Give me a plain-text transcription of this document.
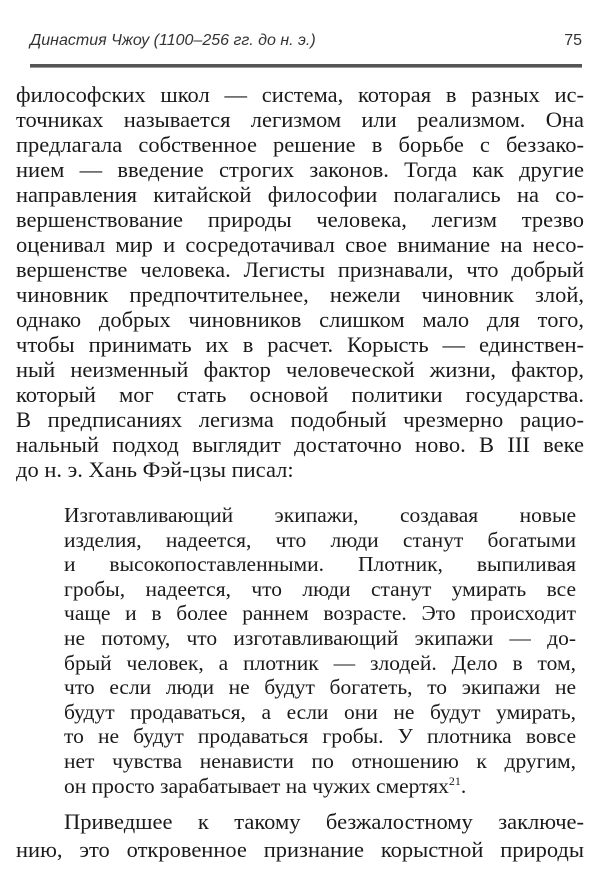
Династия Чжоу (1100–256 гг. до н. э.)	75
философских школ — система, которая в разных ис-
точниках называется легизмом или реализмом. Она
предлагала собственное решение в борьбе с беззако-
нием — введение строгих законов. Тогда как другие
направления китайской философии полагались на со-
вершенствование природы человека, легизм трезво
оценивал мир и сосредотачивал свое внимание на несо-
вершенстве человека. Легисты признавали, что добрый
чиновник предпочтительнее, нежели чиновник злой,
однако добрых чиновников слишком мало для того,
чтобы принимать их в расчет. Корысть — единствен-
ный неизменный фактор человеческой жизни, фактор,
который мог стать основой политики государства.
В предписаниях легизма подобный чрезмерно рацио-
нальный подход выглядит достаточно ново. В III веке
до н. э. Хань Фэй-цзы писал:
Изготавливающий экипажи, создавая новые
изделия, надеется, что люди станут богатыми
и высокопоставленными. Плотник, выпиливая
гробы, надеется, что люди станут умирать все
чаще и в более раннем возрасте. Это происходит
не потому, что изготавливающий экипажи — до-
брый человек, а плотник — злодей. Дело в том,
что если люди не будут богатеть, то экипажи не
будут продаваться, а если они не будут умирать,
то не будут продаваться гробы. У плотника вовсе
нет чувства ненависти по отношению к другим,
он просто зарабатывает на чужих смертях$^{21}$.
Приведшее к такому безжалостному заключе-
нию, это откровенное признание корыстной природы
